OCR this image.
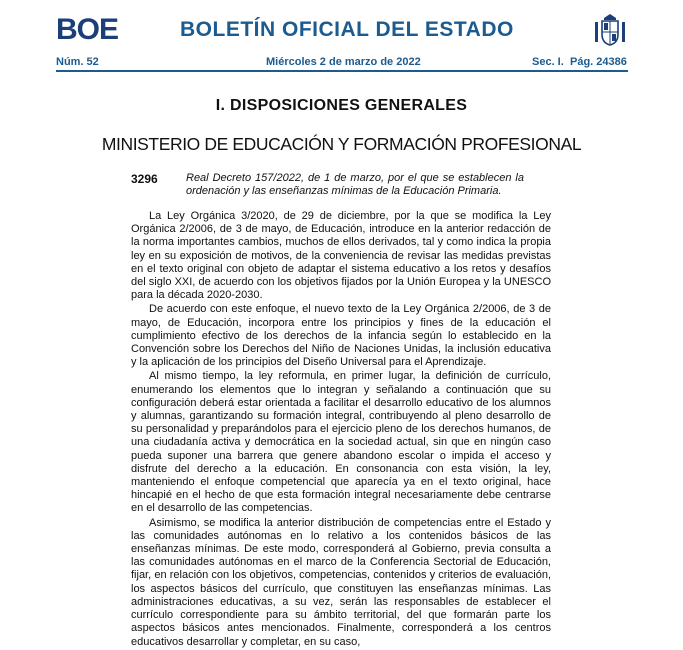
BOE	BOLETÍN OFICIAL DEL ESTADO
Núm. 52	Miércoles 2 de marzo de 2022	Sec. I. Pág. 24386
I. DISPOSICIONES GENERALES
MINISTERIO DE EDUCACIÓN Y FORMACIÓN PROFESIONAL
3296	Real Decreto 157/2022, de 1 de marzo, por el que se establecen la ordenación y las enseñanzas mínimas de la Educación Primaria.

La Ley Orgánica 3/2020, de 29 de diciembre, por la que se modifica la Ley Orgánica 2/2006, de 3 de mayo, de Educación, introduce en la anterior redacción de la norma importantes cambios, muchos de ellos derivados, tal y como indica la propia ley en su exposición de motivos, de la conveniencia de revisar las medidas previstas en el texto original con objeto de adaptar el sistema educativo a los retos y desafíos del siglo XXI, de acuerdo con los objetivos fijados por la Unión Europea y la UNESCO para la década 2020-2030.

De acuerdo con este enfoque, el nuevo texto de la Ley Orgánica 2/2006, de 3 de mayo, de Educación, incorpora entre los principios y fines de la educación el cumplimiento efectivo de los derechos de la infancia según lo establecido en la Convención sobre los Derechos del Niño de Naciones Unidas, la inclusión educativa y la aplicación de los principios del Diseño Universal para el Aprendizaje.

Al mismo tiempo, la ley reformula, en primer lugar, la definición de currículo, enumerando los elementos que lo integran y señalando a continuación que su configuración deberá estar orientada a facilitar el desarrollo educativo de los alumnos y alumnas, garantizando su formación integral, contribuyendo al pleno desarrollo de su personalidad y preparándolos para el ejercicio pleno de los derechos humanos, de una ciudadanía activa y democrática en la sociedad actual, sin que en ningún caso pueda suponer una barrera que genere abandono escolar o impida el acceso y disfrute del derecho a la educación. En consonancia con esta visión, la ley, manteniendo el enfoque competencial que aparecía ya en el texto original, hace hincapié en el hecho de que esta formación integral necesariamente debe centrarse en el desarrollo de las competencias.

Asimismo, se modifica la anterior distribución de competencias entre el Estado y las comunidades autónomas en lo relativo a los contenidos básicos de las enseñanzas mínimas. De este modo, corresponderá al Gobierno, previa consulta a las comunidades autónomas en el marco de la Conferencia Sectorial de Educación, fijar, en relación con los objetivos, competencias, contenidos y criterios de evaluación, los aspectos básicos del currículo, que constituyen las enseñanzas mínimas. Las administraciones educativas, a su vez, serán las responsables de establecer el currículo correspondiente para su ámbito territorial, del que formarán parte los aspectos básicos antes mencionados. Finalmente, corresponderá a los centros educativos desarrollar y completar, en su caso,
